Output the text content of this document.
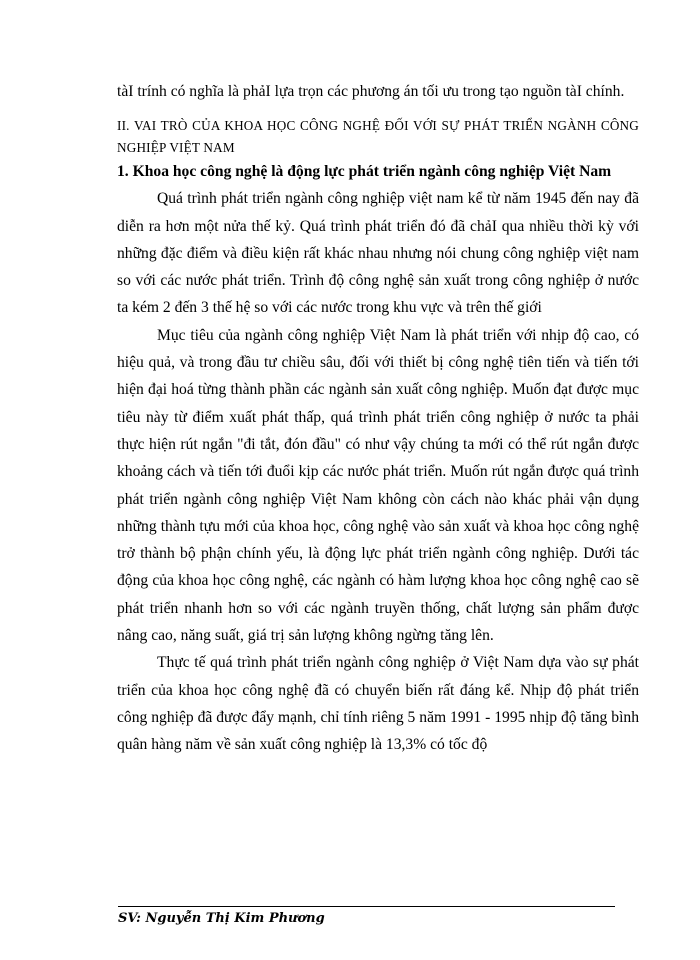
tàI trính có nghĩa là phảI lựa trọn các phương án tối ưu trong tạo nguồn tàI chính.

II. VAI TRÒ CỦA KHOA HỌC CÔNG NGHỆ ĐỐI VỚI SỰ PHÁT TRIỂN NGÀNH CÔNG NGHIỆP VIỆT NAM

1. Khoa học công nghệ là động lực phát triển ngành công nghiệp Việt Nam

Quá trình phát triển ngành công nghiệp việt nam kể từ năm 1945 đến nay đã diễn ra hơn một nửa thế kỷ. Quá trình phát triển đó đã chảI qua nhiều thời kỳ với những đặc điểm và điều kiện rất khác nhau nhưng nói chung công nghiệp việt nam so với các nước phát triển. Trình độ công nghệ sản xuất trong công nghiệp ở nước ta kém 2 đến 3 thế hệ so với các nước trong khu vực và trên thế giới

Mục tiêu của ngành công nghiệp Việt Nam là phát triển với nhịp độ cao, có hiệu quả, và trong đầu tư chiều sâu, đối với thiết bị công nghệ tiên tiến và tiến tới hiện đại hoá từng thành phần các ngành sản xuất công nghiệp. Muốn đạt được mục tiêu này từ điểm xuất phát thấp, quá trình phát triển công nghiệp ở nước ta phải thực hiện rút ngắn "đi tắt, đón đầu" có như vậy chúng ta mới có thể rút ngắn được khoảng cách và tiến tới đuổi kịp các nước phát triển. Muốn rút ngắn được quá trình phát triển ngành công nghiệp Việt Nam không còn cách nào khác phải vận dụng những thành tựu mới của khoa học, công nghệ vào sản xuất và khoa học công nghệ trở thành bộ phận chính yếu, là động lực phát triển ngành công nghiệp. Dưới tác động của khoa học công nghệ, các ngành có hàm lượng khoa học công nghệ cao sẽ phát triển nhanh hơn so với các ngành truyền thống, chất lượng sản phẩm được nâng cao, năng suất, giá trị sản lượng không ngừng tăng lên.

Thực tế quá trình phát triển ngành công nghiệp ở Việt Nam dựa vào sự phát triển của khoa học công nghệ đã có chuyển biến rất đáng kể. Nhịp độ phát triển công nghiệp đã được đẩy mạnh, chỉ tính riêng 5 năm 1991 - 1995 nhịp độ tăng bình quân hàng năm về sản xuất công nghiệp là 13,3% có tốc độ

SV: Nguyễn Thị Kim Phương
